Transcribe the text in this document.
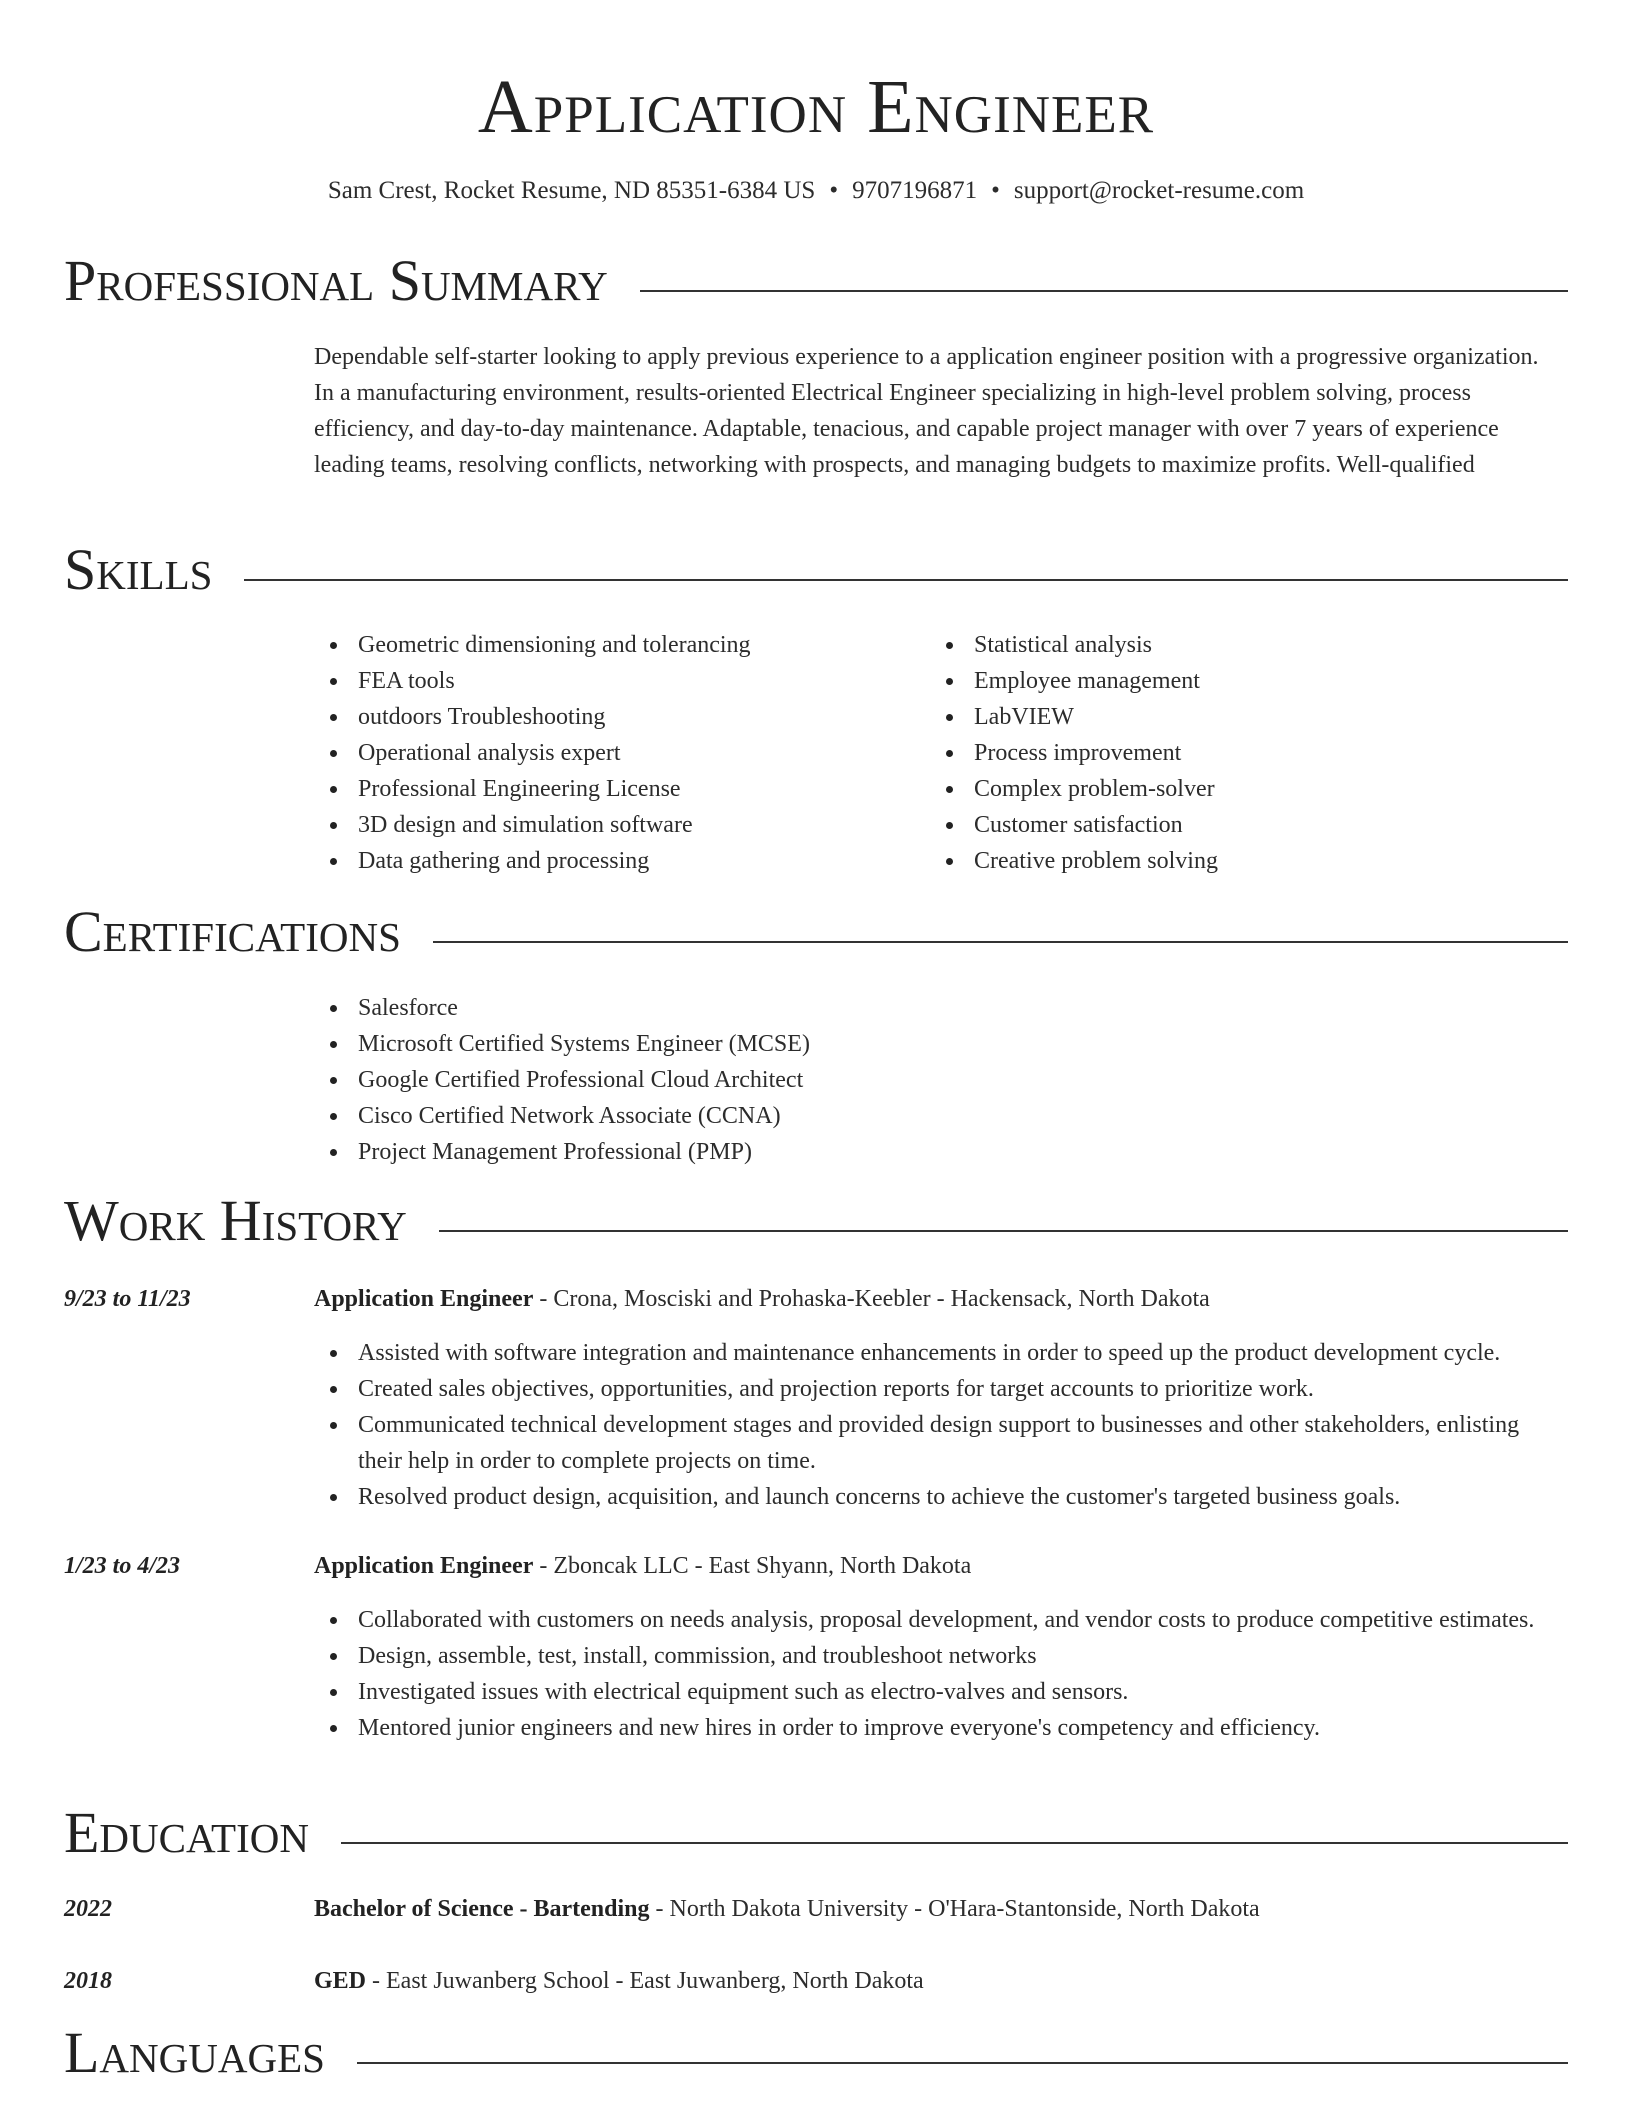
Application Engineer
Sam Crest, Rocket Resume, ND 85351-6384 US • 9707196871 • support@rocket-resume.com
Professional Summary
Dependable self-starter looking to apply previous experience to a application engineer position with a progressive organization. In a manufacturing environment, results-oriented Electrical Engineer specializing in high-level problem solving, process efficiency, and day-to-day maintenance. Adaptable, tenacious, and capable project manager with over 7 years of experience leading teams, resolving conflicts, networking with prospects, and managing budgets to maximize profits. Well-qualified
Skills
Geometric dimensioning and tolerancing
FEA tools
outdoors Troubleshooting
Operational analysis expert
Professional Engineering License
3D design and simulation software
Data gathering and processing
Statistical analysis
Employee management
LabVIEW
Process improvement
Complex problem-solver
Customer satisfaction
Creative problem solving
Certifications
Salesforce
Microsoft Certified Systems Engineer (MCSE)
Google Certified Professional Cloud Architect
Cisco Certified Network Associate (CCNA)
Project Management Professional (PMP)
Work History
9/23 to 11/23	Application Engineer - Crona, Mosciski and Prohaska-Keebler - Hackensack, North Dakota
Assisted with software integration and maintenance enhancements in order to speed up the product development cycle.
Created sales objectives, opportunities, and projection reports for target accounts to prioritize work.
Communicated technical development stages and provided design support to businesses and other stakeholders, enlisting their help in order to complete projects on time.
Resolved product design, acquisition, and launch concerns to achieve the customer's targeted business goals.
1/23 to 4/23	Application Engineer - Zboncak LLC - East Shyann, North Dakota
Collaborated with customers on needs analysis, proposal development, and vendor costs to produce competitive estimates.
Design, assemble, test, install, commission, and troubleshoot networks
Investigated issues with electrical equipment such as electro-valves and sensors.
Mentored junior engineers and new hires in order to improve everyone's competency and efficiency.
Education
2022	Bachelor of Science - Bartending - North Dakota University - O'Hara-Stantonside, North Dakota
2018	GED - East Juwanberg School - East Juwanberg, North Dakota
Languages
